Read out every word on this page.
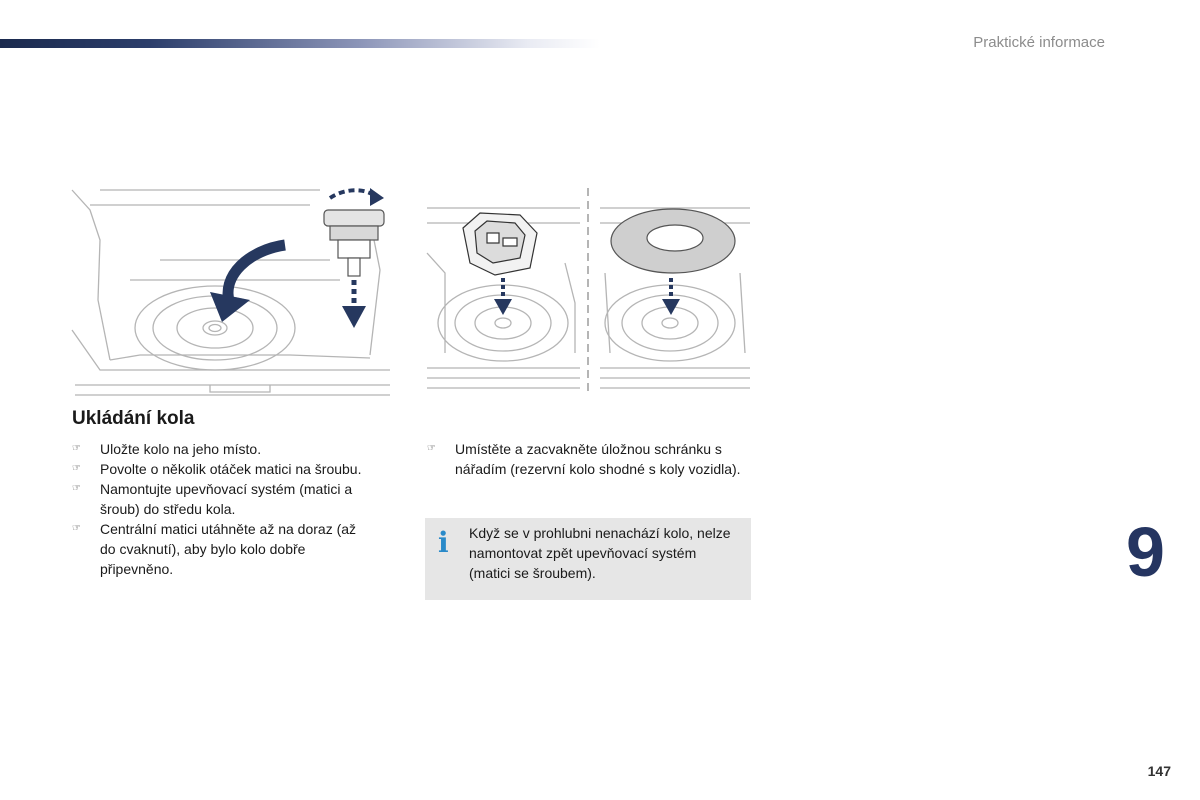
Praktické informace
Ukládání kola
☞ Uložte kolo na jeho místo.
☞ Povolte o několik otáček matici na šroubu.
☞ Namontujte upevňovací systém (matici a šroub) do středu kola.
☞ Centrální matici utáhněte až na doraz (až do cvaknutí), aby bylo kolo dobře připevněno.
☞ Umístěte a zacvakněte úložnou schránku s nářadím (rezervní kolo shodné s koly vozidla).
i Když se v prohlubni nenachází kolo, nelze namontovat zpět upevňovací systém (matici se šroubem).	9
147
